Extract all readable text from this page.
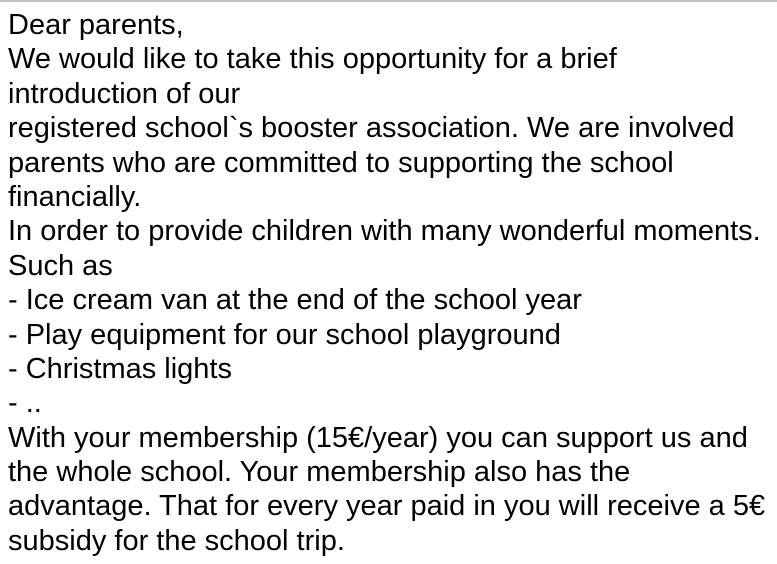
Dear parents,
We would like to take this opportunity for a brief
introduction of our
registered school`s booster association. We are involved
parents who are committed to supporting the school
financially.
In order to provide children with many wonderful moments.
Such as
- Ice cream van at the end of the school year
- Play equipment for our school playground
- Christmas lights
- ..
With your membership (15€/year) you can support us and
the whole school. Your membership also has the
advantage. That for every year paid in you will receive a 5€
subsidy for the school trip.
